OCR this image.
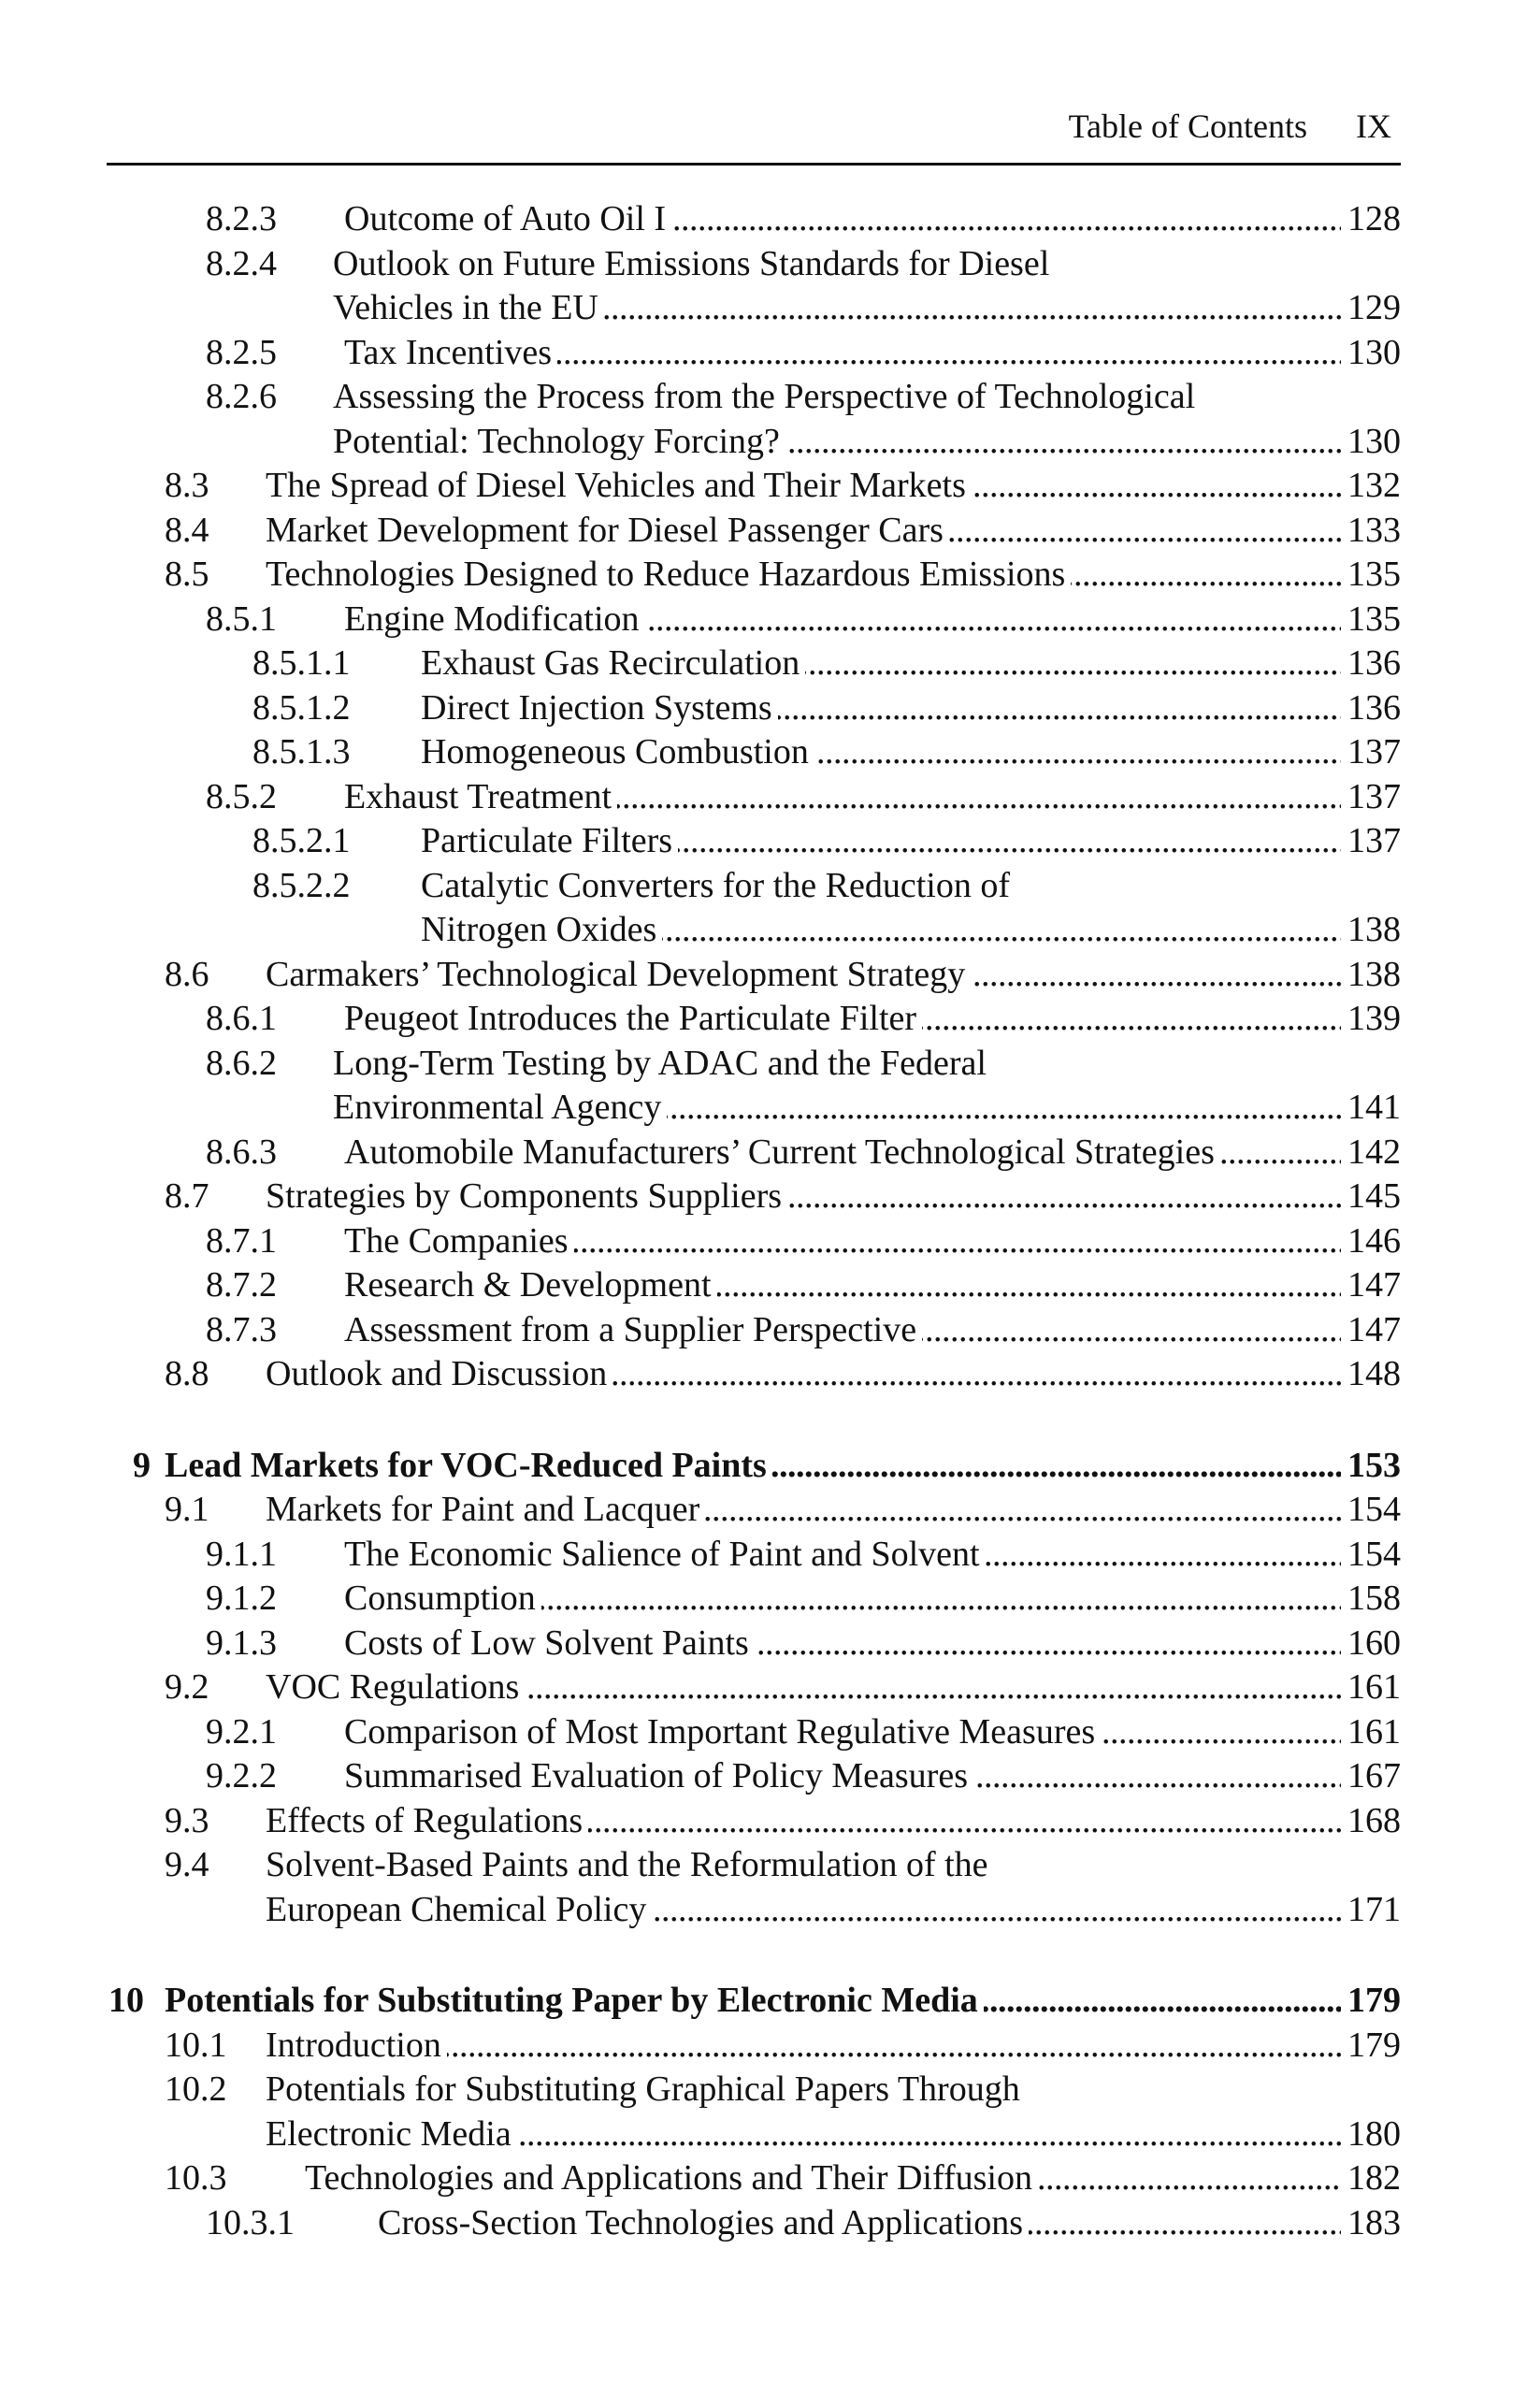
Table of Contents IX
8.2.3 . . . Outcome of Auto Oil I	128
8.2.4 Outlook on Future Emissions Standards for Diesel
. . .
Vehicles in the EU	129
8.2.5 . . . Tax Incentives	130
8.2.6 Assessing the Process from the Perspective of Technological
. . .
Potential: Technology Forcing?	130
8.3 . . . The Spread of Diesel Vehicles and Their Markets	132
8.4 . . . Market Development for Diesel Passenger Cars	133
8.5 . . . Technologies Designed to Reduce Hazardous Emissions	135
8.5.1 . . . Engine Modification	135
8.5.1.1 . . . Exhaust Gas Recirculation	136
8.5.1.2 . . . Direct Injection Systems	136
8.5.1.3 . . . Homogeneous Combustion	137
8.5.2 . . . Exhaust Treatment	137
8.5.2.1 . . . Particulate Filters	137
8.5.2.2 Catalytic Converters for the Reduction of
. . .
Nitrogen Oxides	138
8.6 . . . Carmakers’ Technological Development Strategy	138
8.6.1 . . . Peugeot Introduces the Particulate Filter	139
8.6.2 Long-Term Testing by ADAC and the Federal
. . .
Environmental Agency	141
8.6.3 . . . Automobile Manufacturers’ Current Technological Strategies	142
8.7 . . . Strategies by Components Suppliers	145
8.7.1 . . . The Companies	146
8.7.2 . . . Research & Development	147
8.7.3 . . . Assessment from a Supplier Perspective	147
8.8 . . . Outlook and Discussion	148
9 . . . Lead Markets for VOC-Reduced Paints	153
9.1 . . . Markets for Paint and Lacquer	154
9.1.1 . . . The Economic Salience of Paint and Solvent	154
9.1.2 . . . Consumption	158
9.1.3 . . . Costs of Low Solvent Paints	160
9.2 . . . VOC Regulations	161
9.2.1 . . . Comparison of Most Important Regulative Measures	161
9.2.2 . . . Summarised Evaluation of Policy Measures	167
9.3 . . . Effects of Regulations	168
9.4 Solvent-Based Paints and the Reformulation of the
. . .
European Chemical Policy	171
10 . . . Potentials for Substituting Paper by Electronic Media	179
10.1 . . . Introduction	179
10.2 Potentials for Substituting Graphical Papers Through
. . .
Electronic Media	180
10.3 . . . Technologies and Applications and Their Diffusion	182
10.3.1 . . . Cross-Section Technologies and Applications	183
